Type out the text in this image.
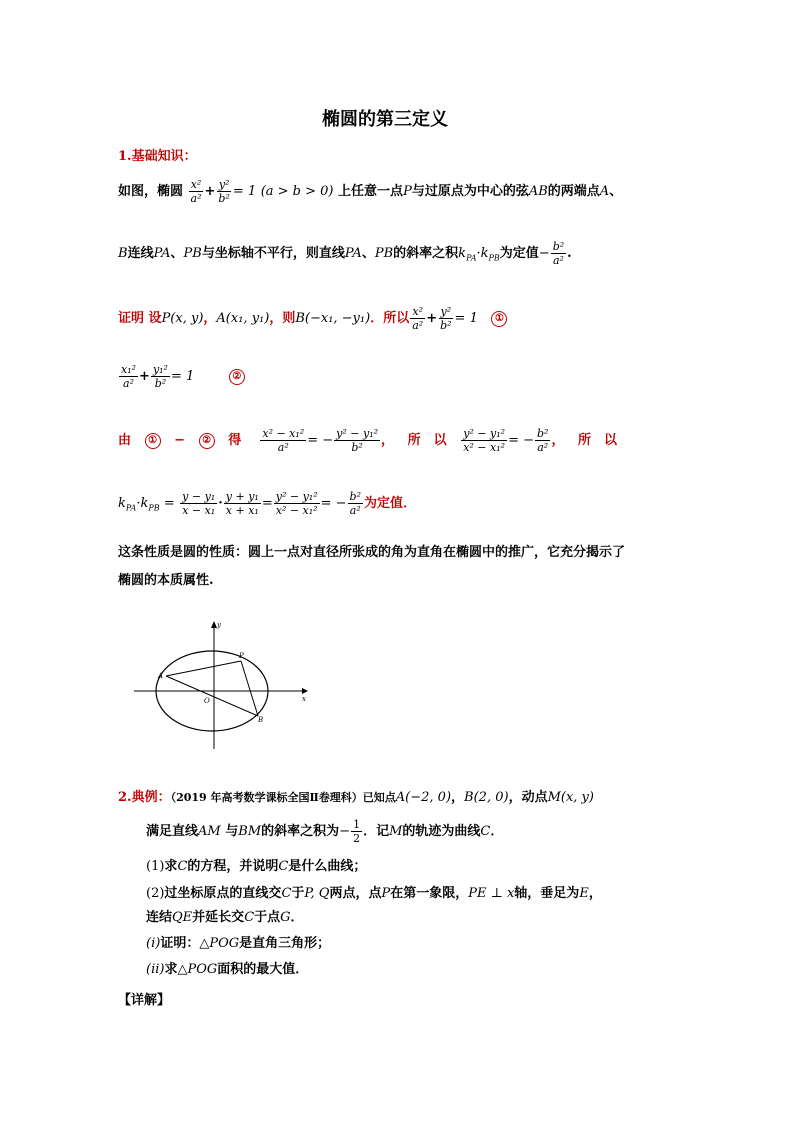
椭圆的第三定义
1.基础知识：
如图，椭圆 $\frac{\text{x²}}{\text{a²}} + \frac{\text{y²}}{\text{b²}} = 1$ (a > b > 0) 上任意一点P与过原点为中心的弦AB的两端点A、
B连线PA、PB与坐标轴不平行，则直线PA、PB的斜率之积$k_{PA}\cdot k_{PB}$为定值− $\frac{\text{b²}}{\text{a²}}$ .
证明 设P(x, y)，A(x₁, y₁)，则B(−x₁, −y₁)．所以 $\frac{\text{x²}}{\text{a²}} + \frac{\text{y²}}{\text{b²}} = 1$ ①
$\frac{\text{x₁²}}{\text{a²}} + \frac{\text{y₁²}}{\text{b²}} = 1$	②
由 ① − ② 得 $\frac{\text{x² − x₁²}}{\text{a²}}$ = − $\frac{\text{y² − y₁²}}{\text{b²}}$ ，   所　以 $\frac{\text{y² − y₁²}}{\text{x² − x₁²}}$ = − $\frac{\text{b²}}{\text{a²}}$ ，   所　以
$k_{PA}\cdot k_{PB} = \frac{\text{y − y₁}}{\text{x − x₁}} \cdot \frac{\text{y + y₁}}{\text{x + x₁}} = \frac{\text{y² − y₁²}}{\text{x² − x₁²}}$ = − $\frac{\text{b²}}{\text{a²}}$ 为定值．
这条性质是圆的性质：圆上一点对直径所张成的角为直角在椭圆中的推广，它充分揭示了
椭圆的本质属性.
A
B
P
O	x
y
2.典例：（2019 年高考数学课标全国Ⅱ卷理科）已知点A(−2, 0)，B(2, 0)，动点M(x, y)
满足直线AM 与BM的斜率之积为− $\frac{1}{2}$ ．记M的轨迹为曲线C．
(1)求C的方程，并说明C是什么曲线；
(2)过坐标原点的直线交C于P, Q两点，点P在第一象限，PE ⊥ x轴，垂足为E，
连结QE并延长交C于点G．
(i)证明：△POG是直角三角形；
(ii)求△POG面积的最大值．
【详解】
